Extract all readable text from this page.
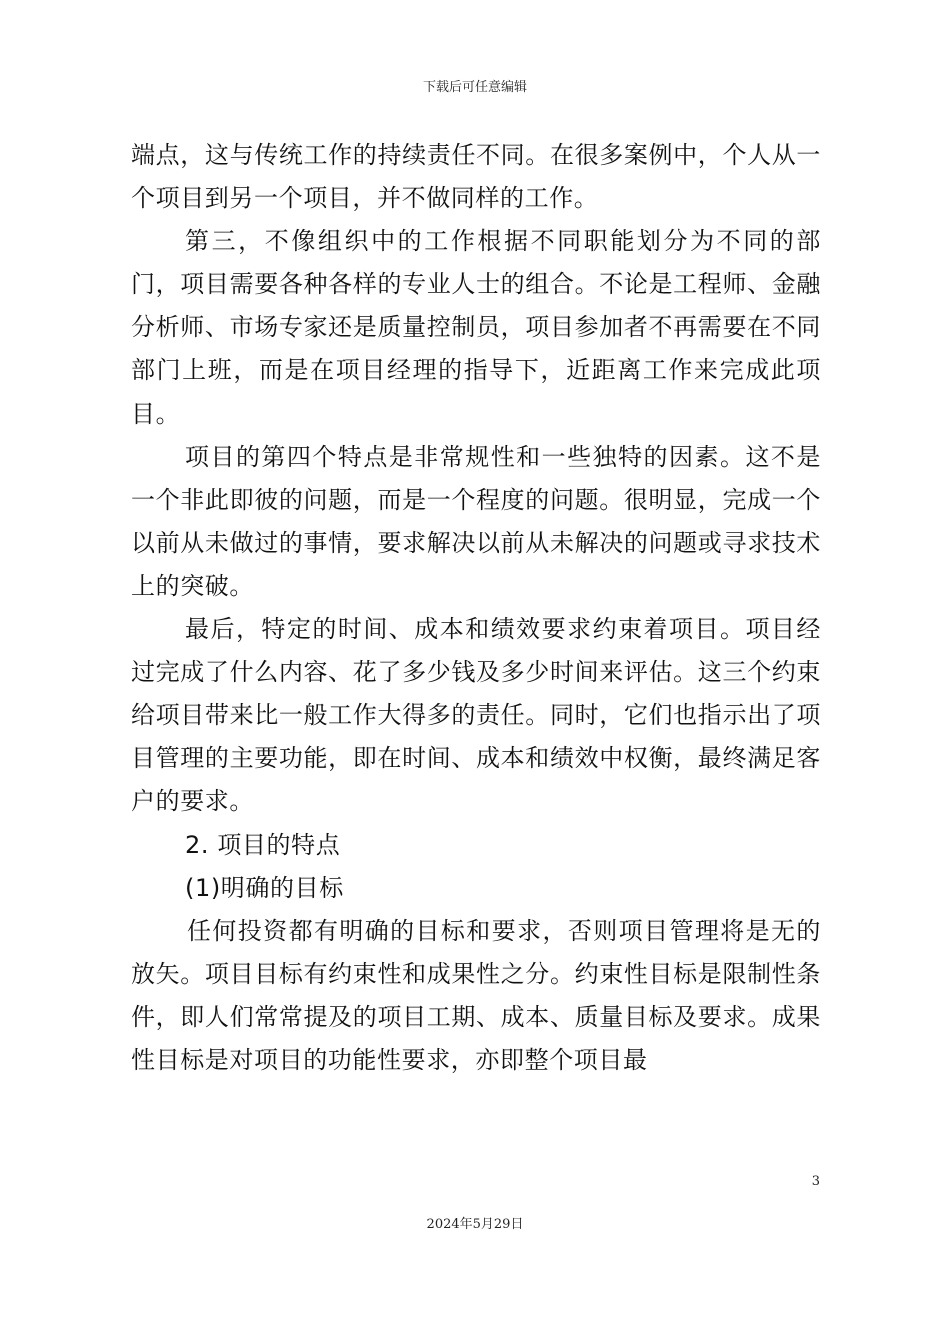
下载后可任意编辑

端点，这与传统工作的持续责任不同。在很多案例中，个人从一个项目到另一个项目，并不做同样的工作。

第三，不像组织中的工作根据不同职能划分为不同的部门，项目需要各种各样的专业人士的组合。不论是工程师、金融分析师、市场专家还是质量控制员，项目参加者不再需要在不同部门上班，而是在项目经理的指导下，近距离工作来完成此项目。

项目的第四个特点是非常规性和一些独特的因素。这不是一个非此即彼的问题，而是一个程度的问题。很明显，完成一个以前从未做过的事情，要求解决以前从未解决的问题或寻求技术上的突破。

最后，特定的时间、成本和绩效要求约束着项目。项目经过完成了什么内容、花了多少钱及多少时间来评估。这三个约束给项目带来比一般工作大得多的责任。同时，它们也指示出了项目管理的主要功能，即在时间、成本和绩效中权衡，最终满足客户的要求。

2. 项目的特点

(1)明确的目标

任何投资都有明确的目标和要求，否则项目管理将是无的放矢。项目目标有约束性和成果性之分。约束性目标是限制性条件，即人们常常提及的项目工期、成本、质量目标及要求。成果性目标是对项目的功能性要求，亦即整个项目最

3
2024年5月29日
